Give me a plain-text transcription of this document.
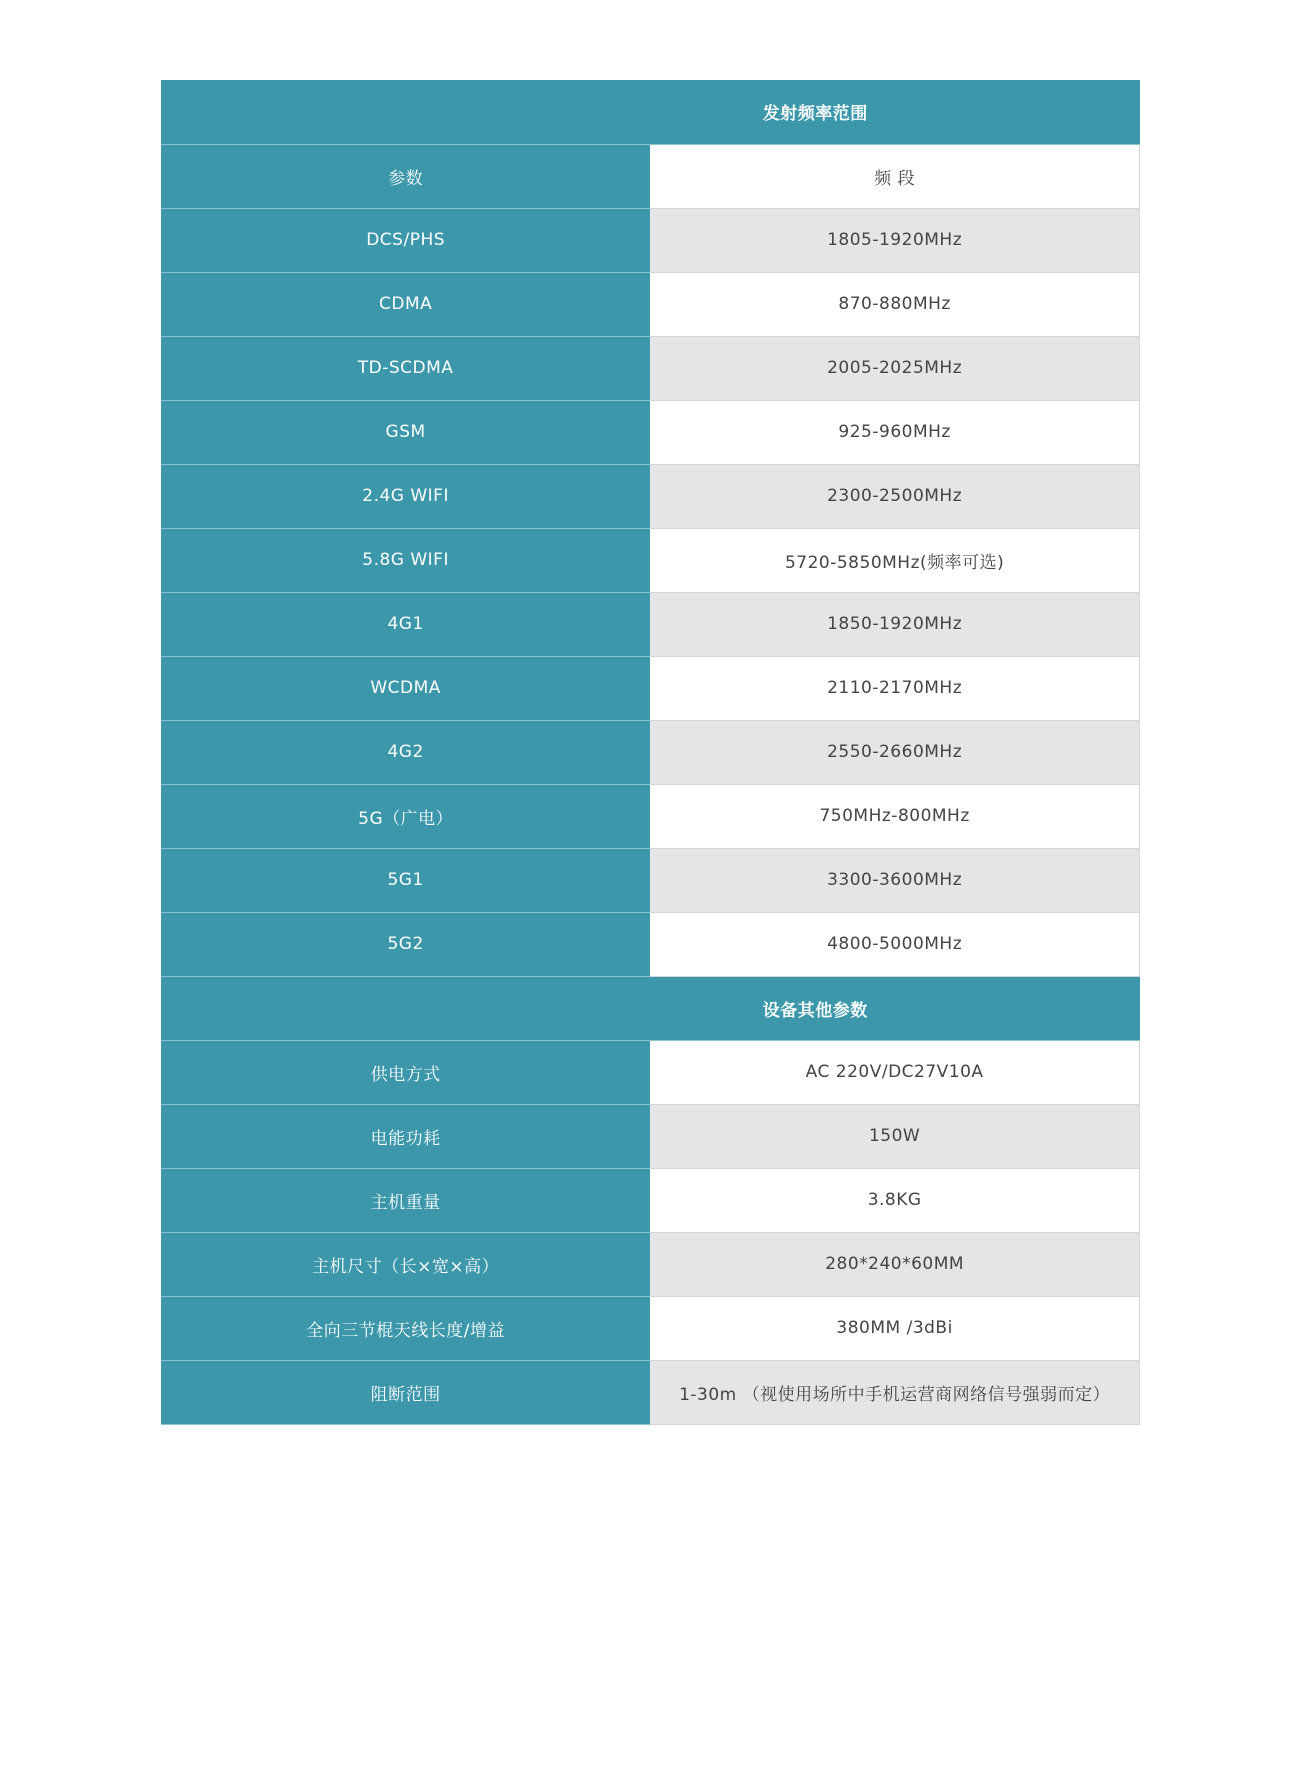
发射频率范围	
参数	频 段
DCS/PHS	1805-1920MHz
CDMA	870-880MHz
TD-SCDMA	2005-2025MHz
GSM	925-960MHz
2.4G WIFI	2300-2500MHz
5.8G WIFI	5720-5850MHz(频率可选)
4G1	1850-1920MHz
WCDMA	2110-2170MHz
4G2	2550-2660MHz
5G（广电）	750MHz-800MHz
5G1	3300-3600MHz
5G2	4800-5000MHz
设备其他参数	
供电方式	AC 220V/DC27V10A
电能功耗	150W
主机重量	3.8KG
主机尺寸（长×宽×高）	280*240*60MM
全向三节棍天线长度/增益	380MM /3dBi
阻断范围	1-30m （视使用场所中手机运营商网络信号强弱而定）
